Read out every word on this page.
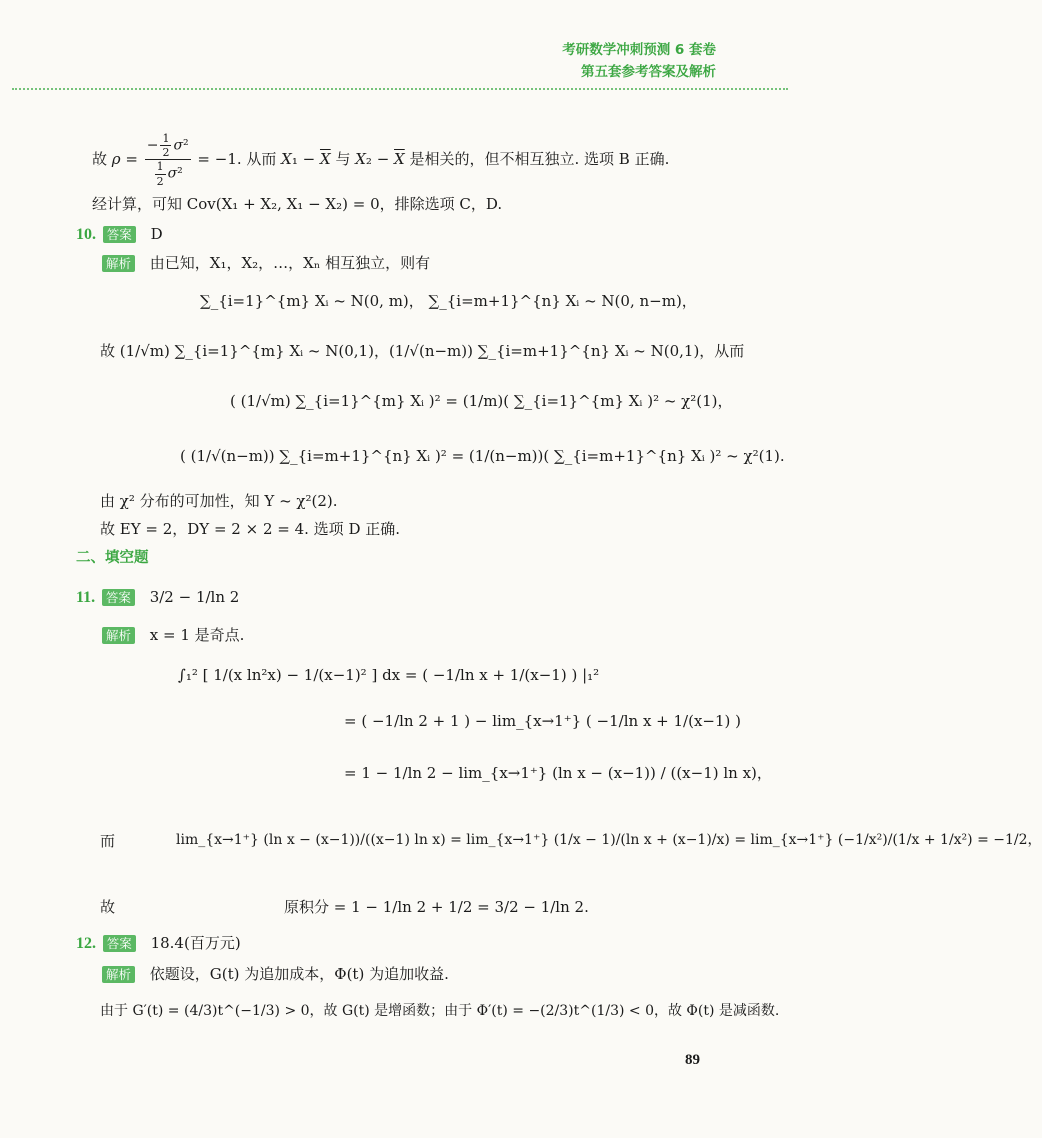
考研数学冲刺预测 6 套卷
第五套参考答案及解析
故 $\rho = \frac{- \frac{1}{2} \sigma^2}{\frac{1}{2} \sigma^2} = -1$. 从而 $X_1 - \overline{X}$ 与 $X_2 - \overline{X}$ 是相关的，但不相互独立. 选项 B 正确.
经计算，可知 Cov(X₁ + X₂, X₁ − X₂) = 0，排除选项 C，D.
10. 答案 D
解析 由已知，X₁，X₂，…，Xₙ 相互独立，则有
∑_{i=1}^{m} Xᵢ ~ N(0, m)， ∑_{i=m+1}^{n} Xᵢ ~ N(0, n−m)，
故 (1/√m) ∑_{i=1}^{m} Xᵢ ~ N(0,1)，(1/√(n−m)) ∑_{i=m+1}^{n} Xᵢ ~ N(0,1)，从而
( (1/√m) ∑_{i=1}^{m} Xᵢ )² = (1/m)( ∑_{i=1}^{m} Xᵢ )² ~ χ²(1)，
( (1/√(n−m)) ∑_{i=m+1}^{n} Xᵢ )² = (1/(n−m))( ∑_{i=m+1}^{n} Xᵢ )² ~ χ²(1).
由 χ² 分布的可加性，知 Y ~ χ²(2).
故 EY = 2，DY = 2 × 2 = 4. 选项 D 正确.
二、填空题
11. 答案 3/2 − 1/ln 2
解析 x = 1 是奇点.
∫₁² [ 1/(x ln²x) − 1/(x−1)² ] dx = ( −1/ln x + 1/(x−1) ) |₁²
= ( −1/ln 2 + 1 ) − lim_{x→1⁺} ( −1/ln x + 1/(x−1) )
= 1 − 1/ln 2 − lim_{x→1⁺} (ln x − (x−1)) / ((x−1) ln x)，
而	lim_{x→1⁺} (ln x − (x−1))/((x−1) ln x) = lim_{x→1⁺} (1/x − 1)/(ln x + (x−1)/x) = lim_{x→1⁺} (−1/x²)/(1/x + 1/x²) = −1/2，
故	原积分 = 1 − 1/ln 2 + 1/2 = 3/2 − 1/ln 2.
12. 答案 18.4(百万元)
解析 依题设，G(t) 为追加成本，Φ(t) 为追加收益.
由于 G′(t) = (4/3)t^(−1/3) > 0，故 G(t) 是增函数；由于 Φ′(t) = −(2/3)t^(1/3) < 0，故 Φ(t) 是减函数.
89
